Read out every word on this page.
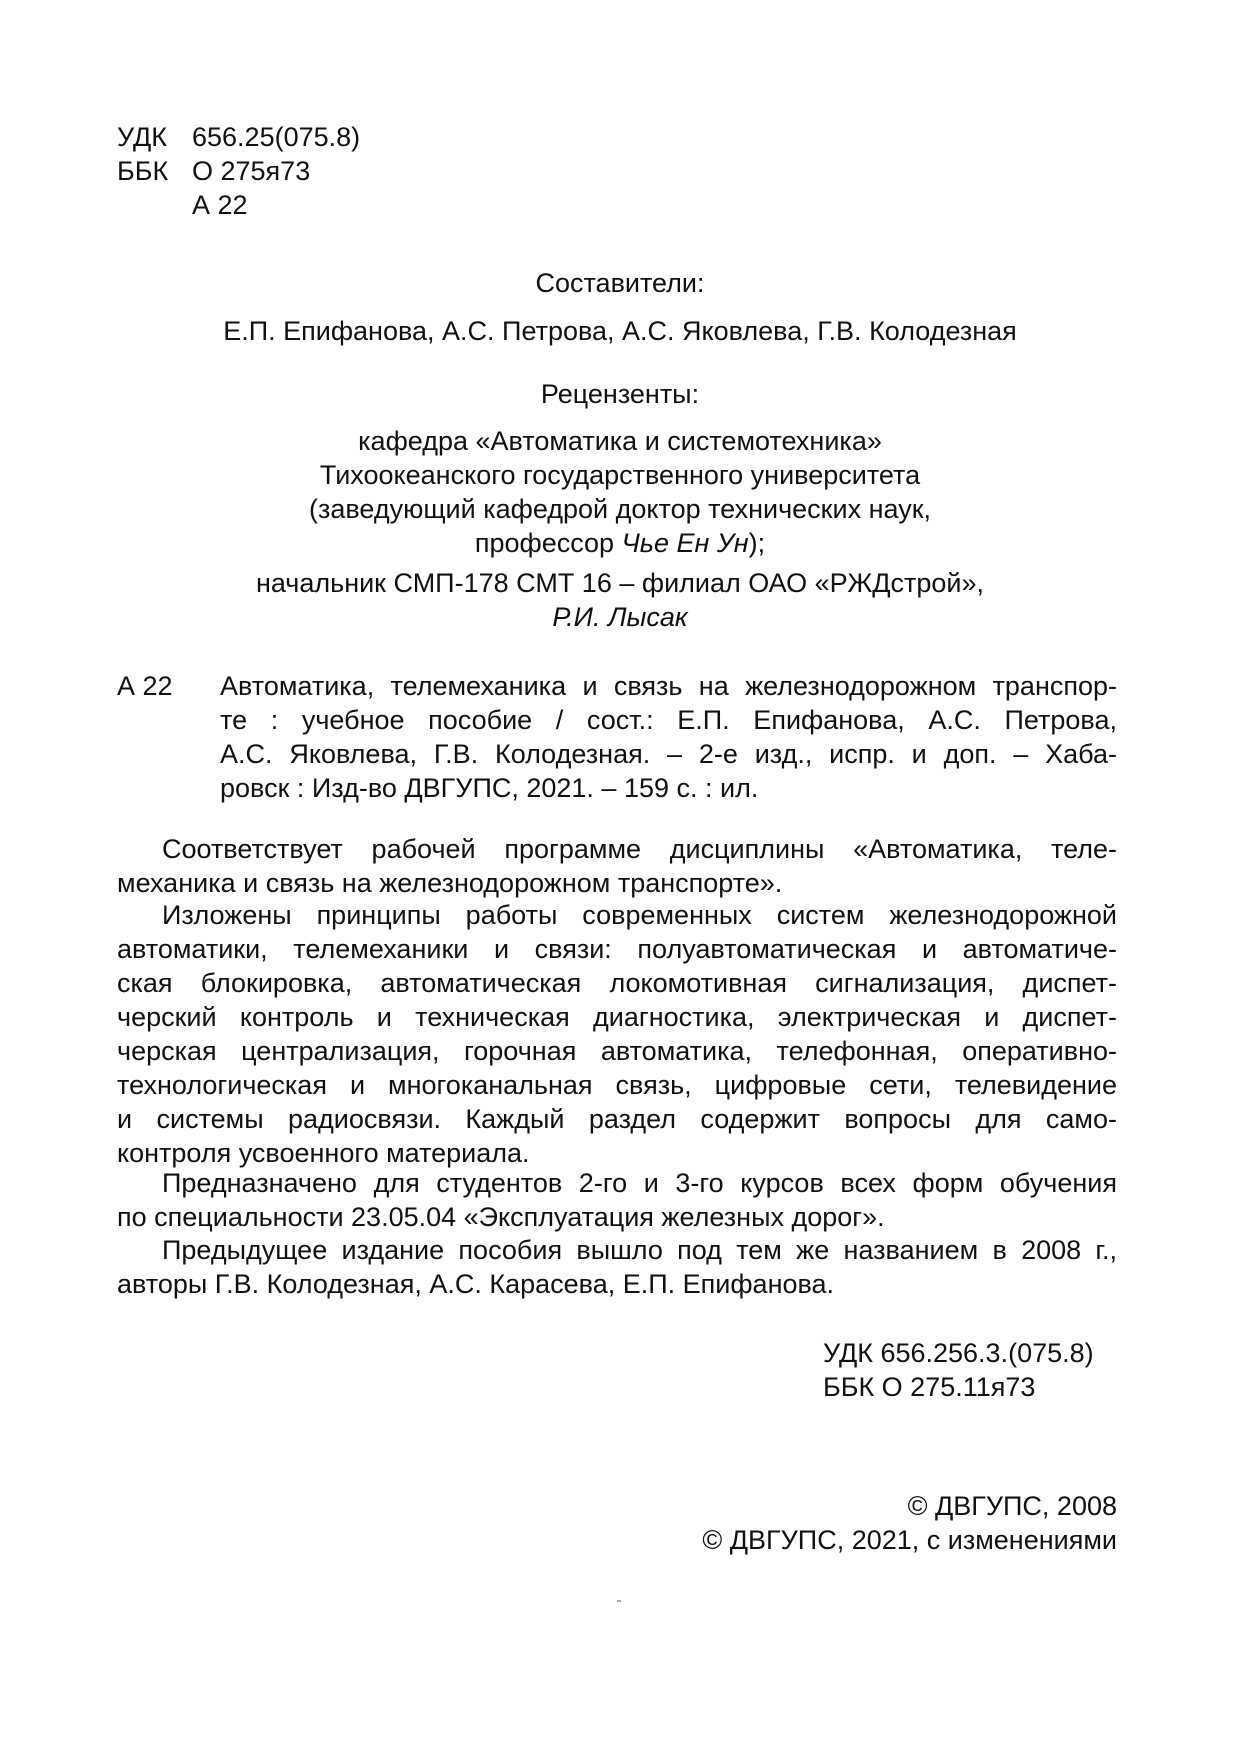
УДК 656.25(075.8)
ББК О 275я73
А 22
Составители:
Е.П. Епифанова, А.С. Петрова, А.С. Яковлева, Г.В. Колодезная
Рецензенты:
кафедра «Автоматика и системотехника»
Тихоокеанского государственного университета
(заведующий кафедрой доктор технических наук,
профессор Чье Ен Ун);
начальник СМП-178 СМТ 16 – филиал ОАО «РЖДстрой»,
Р.И. Лысак
А 22	Автоматика, телемеханика и связь на железнодорожном транспор-
те : учебное пособие / сост.: Е.П. Епифанова, А.С. Петрова,
А.С. Яковлева, Г.В. Колодезная. – 2-е изд., испр. и доп. – Хаба-
ровск : Изд-во ДВГУПС, 2021. – 159 с. : ил.
Соответствует рабочей программе дисциплины «Автоматика, теле-
механика и связь на железнодорожном транспорте».
Изложены принципы работы современных систем железнодорожной
автоматики, телемеханики и связи: полуавтоматическая и автоматиче-
ская блокировка, автоматическая локомотивная сигнализация, диспет-
черский контроль и техническая диагностика, электрическая и диспет-
черская централизация, горочная автоматика, телефонная, оперативно-
технологическая и многоканальная связь, цифровые сети, телевидение
и системы радиосвязи. Каждый раздел содержит вопросы для само-
контроля усвоенного материала.
Предназначено для студентов 2-го и 3-го курсов всех форм обучения
по специальности 23.05.04 «Эксплуатация железных дорог».
Предыдущее издание пособия вышло под тем же названием в 2008 г.,
авторы Г.В. Колодезная, А.С. Карасева, Е.П. Епифанова.
УДК 656.256.3.(075.8)
ББК О 275.11я73
© ДВГУПС, 2008
© ДВГУПС, 2021, с изменениями
